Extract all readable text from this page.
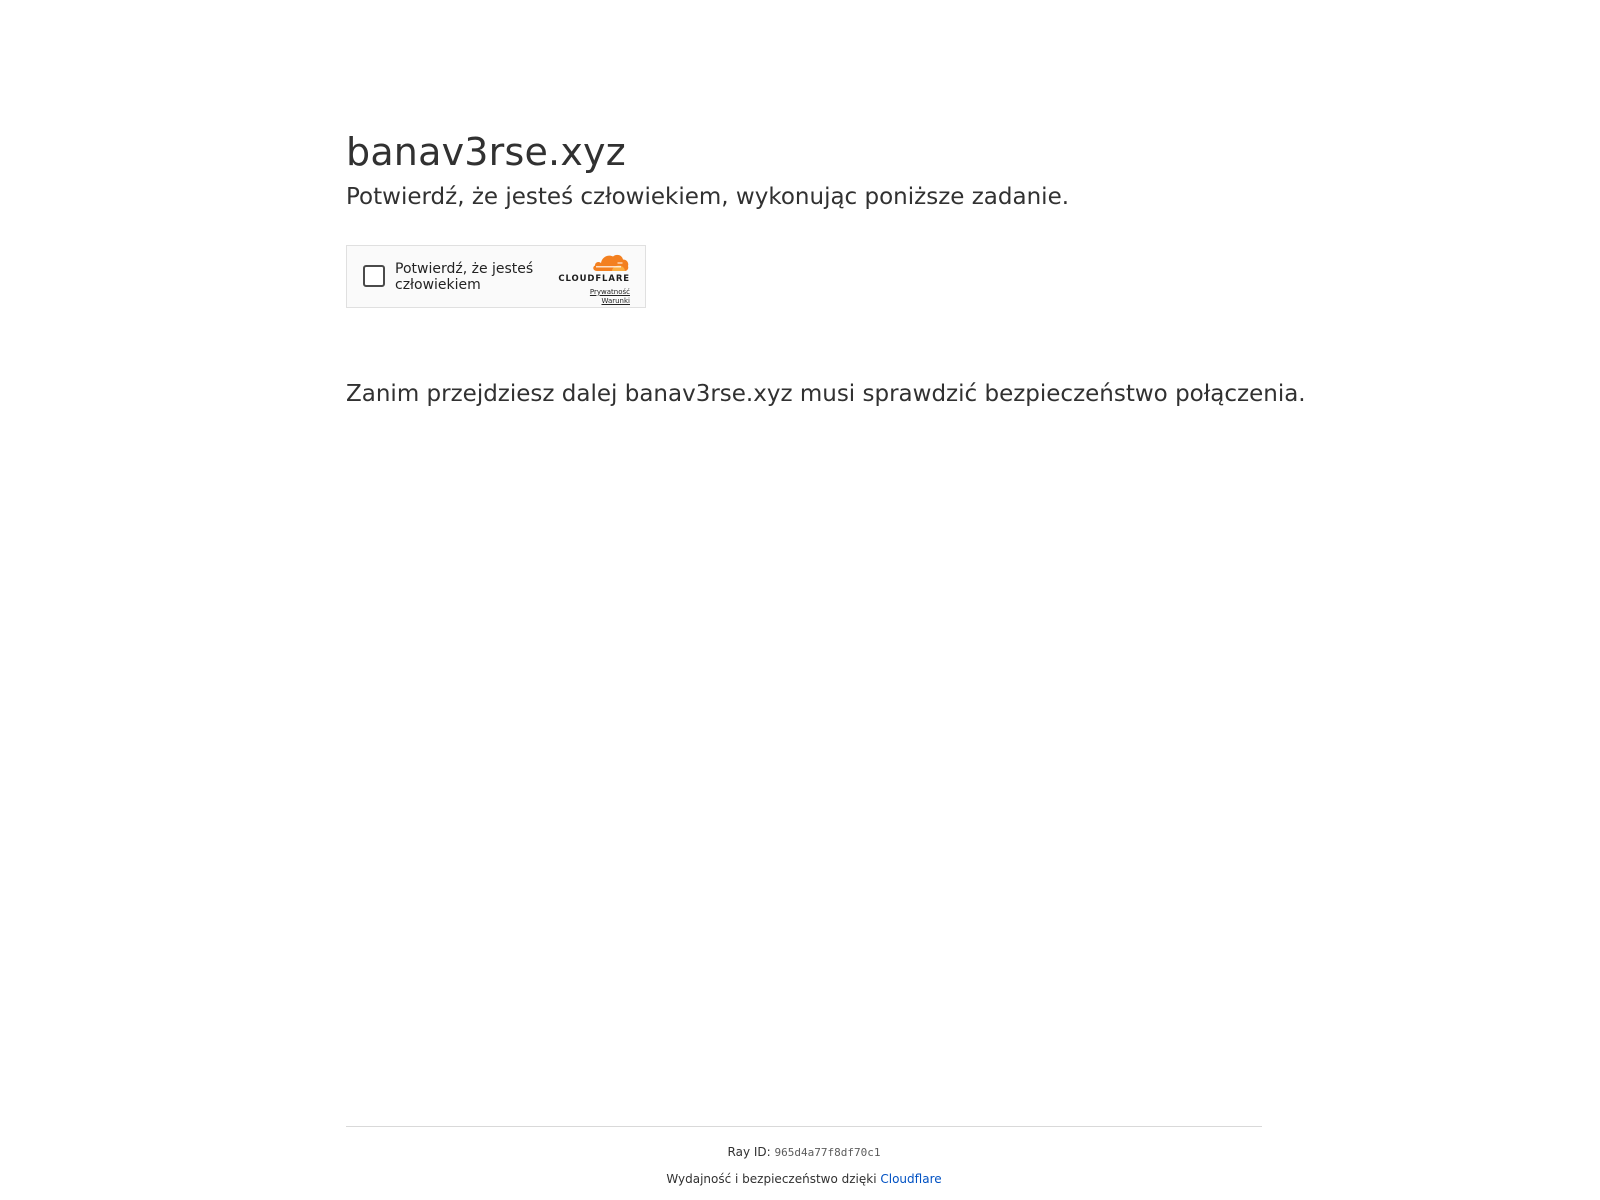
banav3rse.xyz

Potwierdź, że jesteś człowiekiem, wykonując poniższe zadanie.

Potwierdź, że jesteś człowiekiem	CLOUDFLARE
Prywatność
Warunki

Zanim przejdziesz dalej banav3rse.xyz musi sprawdzić bezpieczeństwo połączenia.

Ray ID: 965d4a77f8df70c1
Wydajność i bezpieczeństwo dzięki Cloudflare
